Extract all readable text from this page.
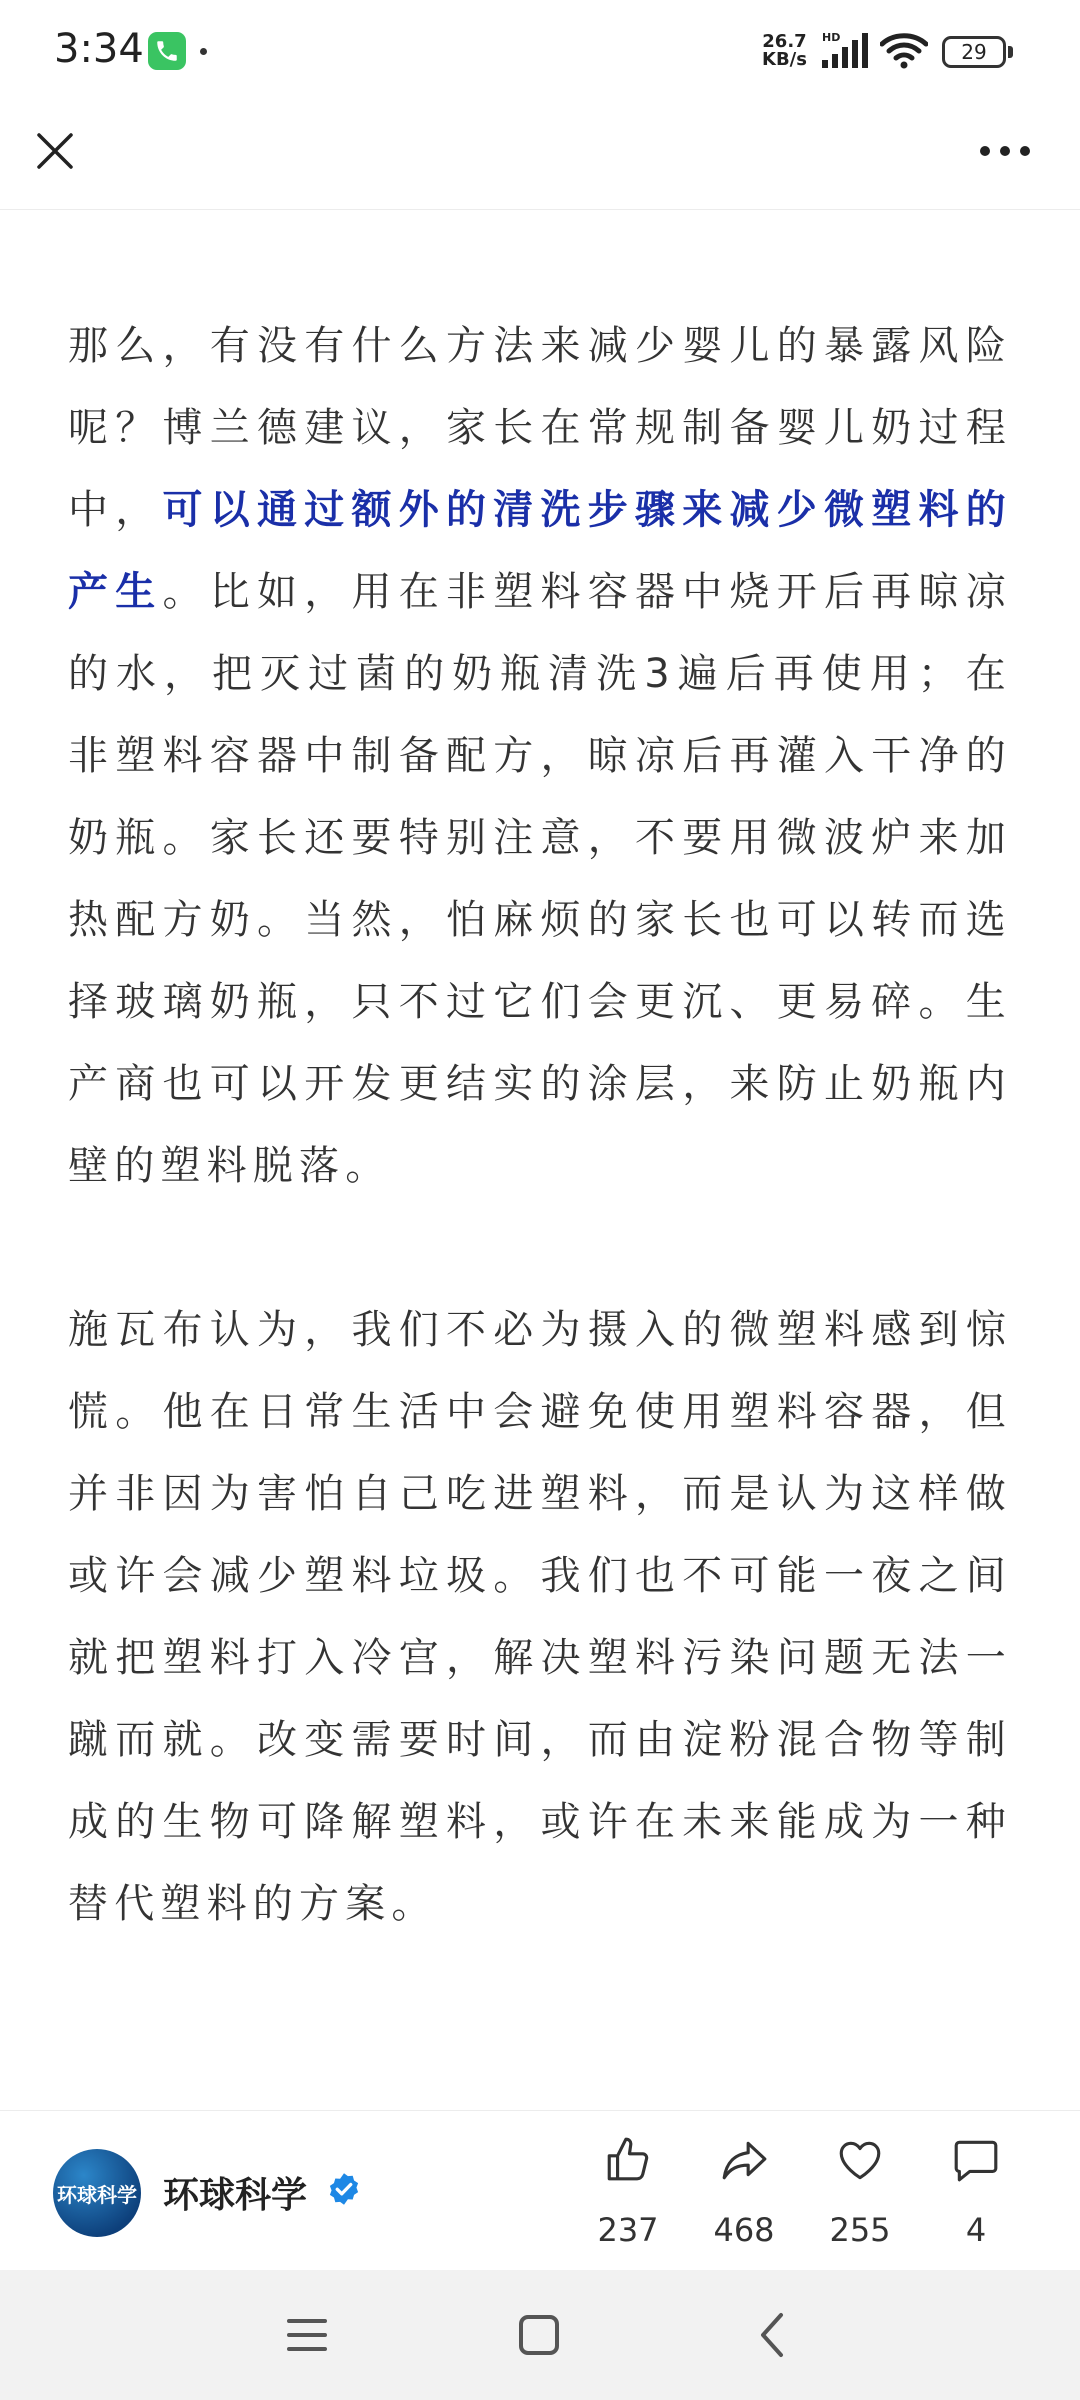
3:34	26.7
KB/s
HD
29

那么，有没有什么方法来减少婴儿的暴露风险呢？博兰德建议，家长在常规制备婴儿奶过程中，可以通过额外的清洗步骤来减少微塑料的产生。比如，用在非塑料容器中烧开后再晾凉的水，把灭过菌的奶瓶清洗3遍后再使用；在非塑料容器中制备配方，晾凉后再灌入干净的奶瓶。家长还要特别注意，不要用微波炉来加热配方奶。当然，怕麻烦的家长也可以转而选择玻璃奶瓶，只不过它们会更沉、更易碎。生产商也可以开发更结实的涂层，来防止奶瓶内壁的塑料脱落。

施瓦布认为，我们不必为摄入的微塑料感到惊慌。他在日常生活中会避免使用塑料容器，但并非因为害怕自己吃进塑料，而是认为这样做或许会减少塑料垃圾。我们也不可能一夜之间就把塑料打入冷宫，解决塑料污染问题无法一蹴而就。改变需要时间，而由淀粉混合物等制成的生物可降解塑料，或许在未来能成为一种替代塑料的方案。

环球科学 环球科学
237	468	255	4
